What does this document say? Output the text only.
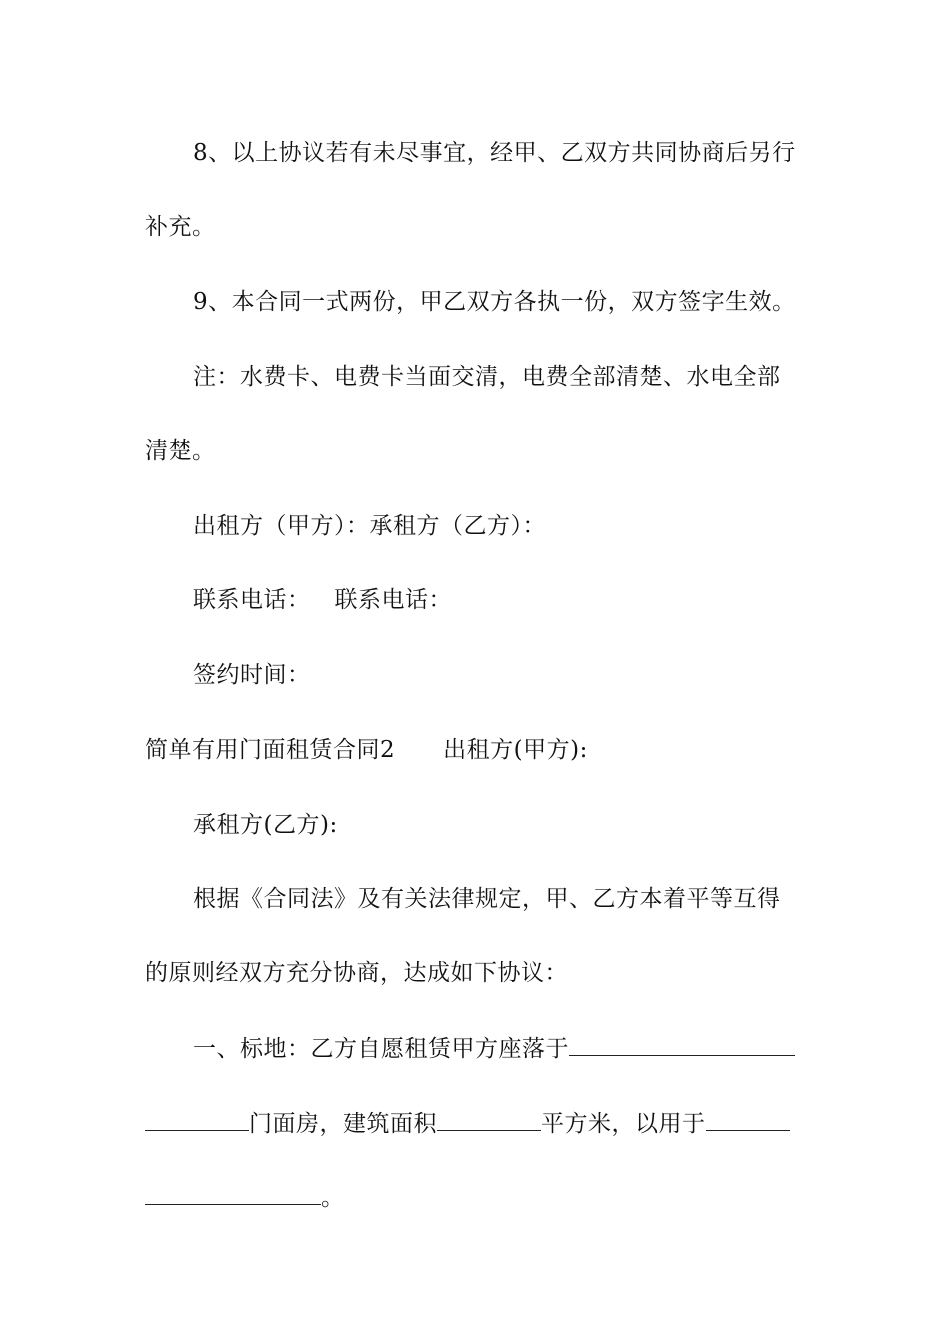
8、以上协议若有未尽事宜，经甲、乙双方共同协商后另行
补充。
9、本合同一式两份，甲乙双方各执一份，双方签字生效。
注：水费卡、电费卡当面交清，电费全部清楚、水电全部
清楚。
出租方（甲方）：承租方（乙方）：
联系电话： 联系电话：
签约时间：
简单有用门面租赁合同2 出租方(甲方):
承租方(乙方):
根据《合同法》及有关法律规定，甲、乙方本着平等互得
的原则经双方充分协商，达成如下协议：
一、标地：乙方自愿租赁甲方座落于
门面房，建筑面积	平方米，以用于
。
